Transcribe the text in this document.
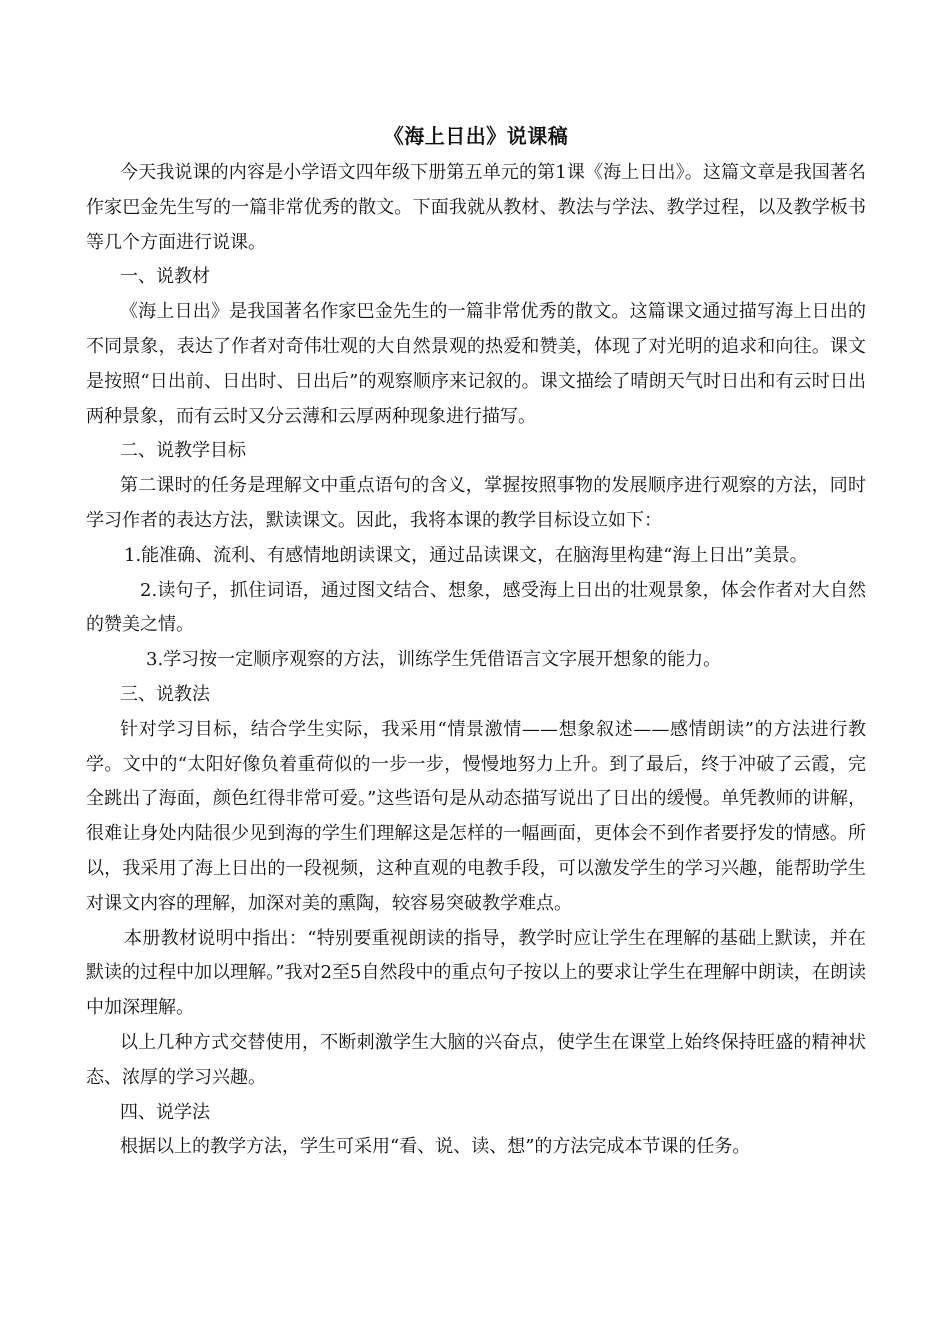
《海上日出》说课稿

今天我说课的内容是小学语文四年级下册第五单元的第1课《海上日出》。这篇文章是我国著名作家巴金先生写的一篇非常优秀的散文。下面我就从教材、教法与学法、教学过程，以及教学板书等几个方面进行说课。

一、说教材

《海上日出》是我国著名作家巴金先生的一篇非常优秀的散文。这篇课文通过描写海上日出的不同景象，表达了作者对奇伟壮观的大自然景观的热爱和赞美，体现了对光明的追求和向往。课文是按照“日出前、日出时、日出后”的观察顺序来记叙的。课文描绘了晴朗天气时日出和有云时日出两种景象，而有云时又分云薄和云厚两种现象进行描写。

二、说教学目标

第二课时的任务是理解文中重点语句的含义，掌握按照事物的发展顺序进行观察的方法，同时学习作者的表达方法，默读课文。因此，我将本课的教学目标设立如下：

1.能准确、流利、有感情地朗读课文，通过品读课文，在脑海里构建“海上日出”美景。

2.读句子，抓住词语，通过图文结合、想象，感受海上日出的壮观景象，体会作者对大自然的赞美之情。

3.学习按一定顺序观察的方法，训练学生凭借语言文字展开想象的能力。

三、说教法

针对学习目标，结合学生实际，我采用“情景激情——想象叙述——感情朗读”的方法进行教学。文中的“太阳好像负着重荷似的一步一步，慢慢地努力上升。到了最后，终于冲破了云霞，完全跳出了海面，颜色红得非常可爱。”这些语句是从动态描写说出了日出的缓慢。单凭教师的讲解，很难让身处内陆很少见到海的学生们理解这是怎样的一幅画面，更体会不到作者要抒发的情感。所以，我采用了海上日出的一段视频，这种直观的电教手段，可以激发学生的学习兴趣，能帮助学生对课文内容的理解，加深对美的熏陶，较容易突破教学难点。

本册教材说明中指出：“特别要重视朗读的指导，教学时应让学生在理解的基础上默读，并在默读的过程中加以理解。”我对2至5自然段中的重点句子按以上的要求让学生在理解中朗读，在朗读中加深理解。

以上几种方式交替使用，不断刺激学生大脑的兴奋点，使学生在课堂上始终保持旺盛的精神状态、浓厚的学习兴趣。

四、说学法

根据以上的教学方法，学生可采用“看、说、读、想”的方法完成本节课的任务。
